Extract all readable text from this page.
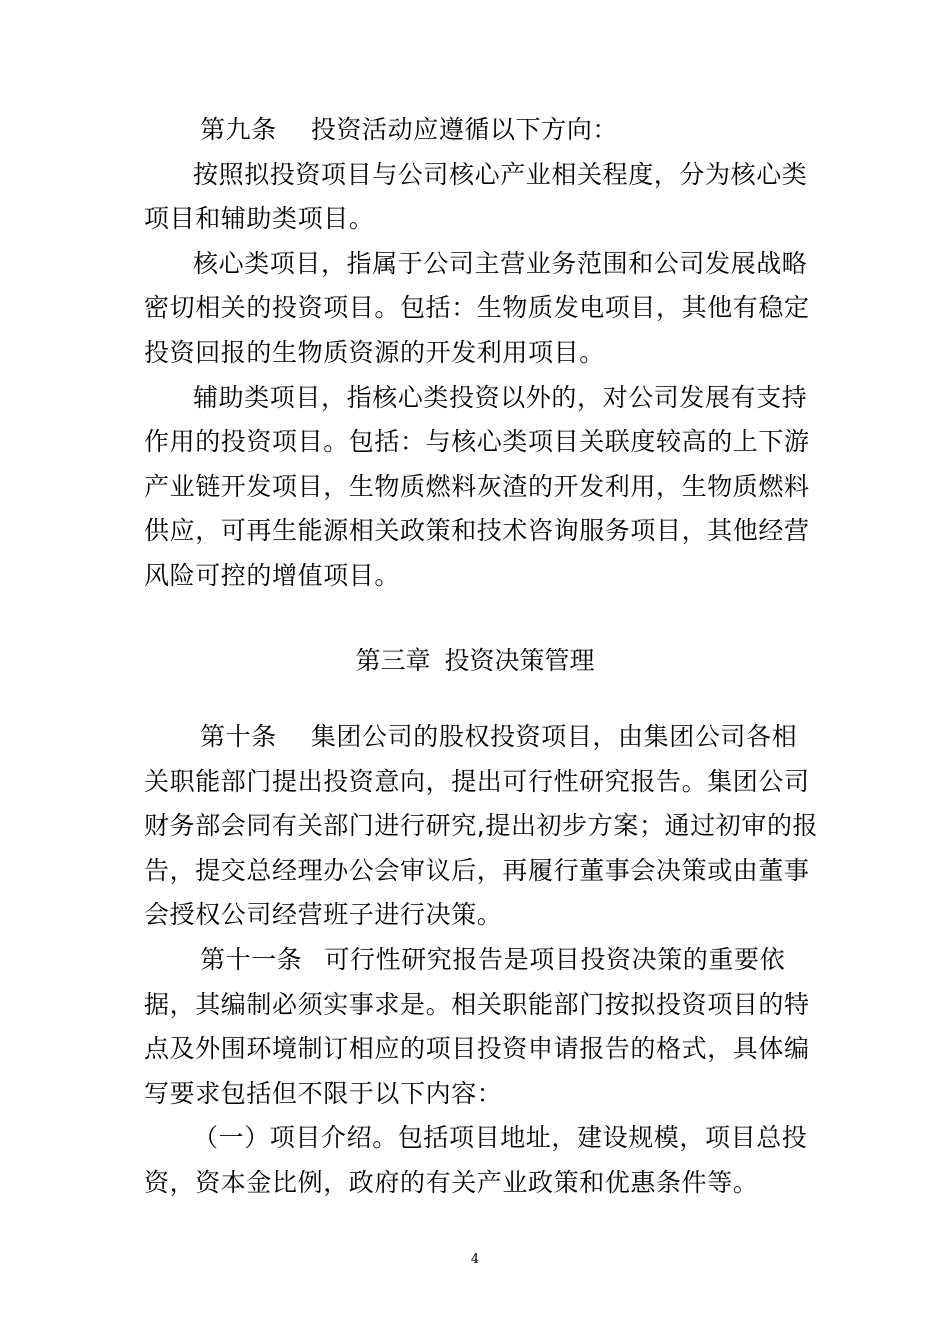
第九条 投资活动应遵循以下方向：
按照拟投资项目与公司核心产业相关程度，分为核心类
项目和辅助类项目。
核心类项目，指属于公司主营业务范围和公司发展战略
密切相关的投资项目。包括：生物质发电项目，其他有稳定
投资回报的生物质资源的开发利用项目。
辅助类项目，指核心类投资以外的，对公司发展有支持
作用的投资项目。包括：与核心类项目关联度较高的上下游
产业链开发项目，生物质燃料灰渣的开发利用，生物质燃料
供应，可再生能源相关政策和技术咨询服务项目，其他经营
风险可控的增值项目。
第三章 投资决策管理
第十条 集团公司的股权投资项目，由集团公司各相
关职能部门提出投资意向，提出可行性研究报告。集团公司
财务部会同有关部门进行研究,提出初步方案；通过初审的报
告，提交总经理办公会审议后，再履行董事会决策或由董事
会授权公司经营班子进行决策。
第十一条 可行性研究报告是项目投资决策的重要依
据，其编制必须实事求是。相关职能部门按拟投资项目的特
点及外围环境制订相应的项目投资申请报告的格式，具体编
写要求包括但不限于以下内容：
（一）项目介绍。包括项目地址，建设规模，项目总投
资，资本金比例，政府的有关产业政策和优惠条件等。
4
